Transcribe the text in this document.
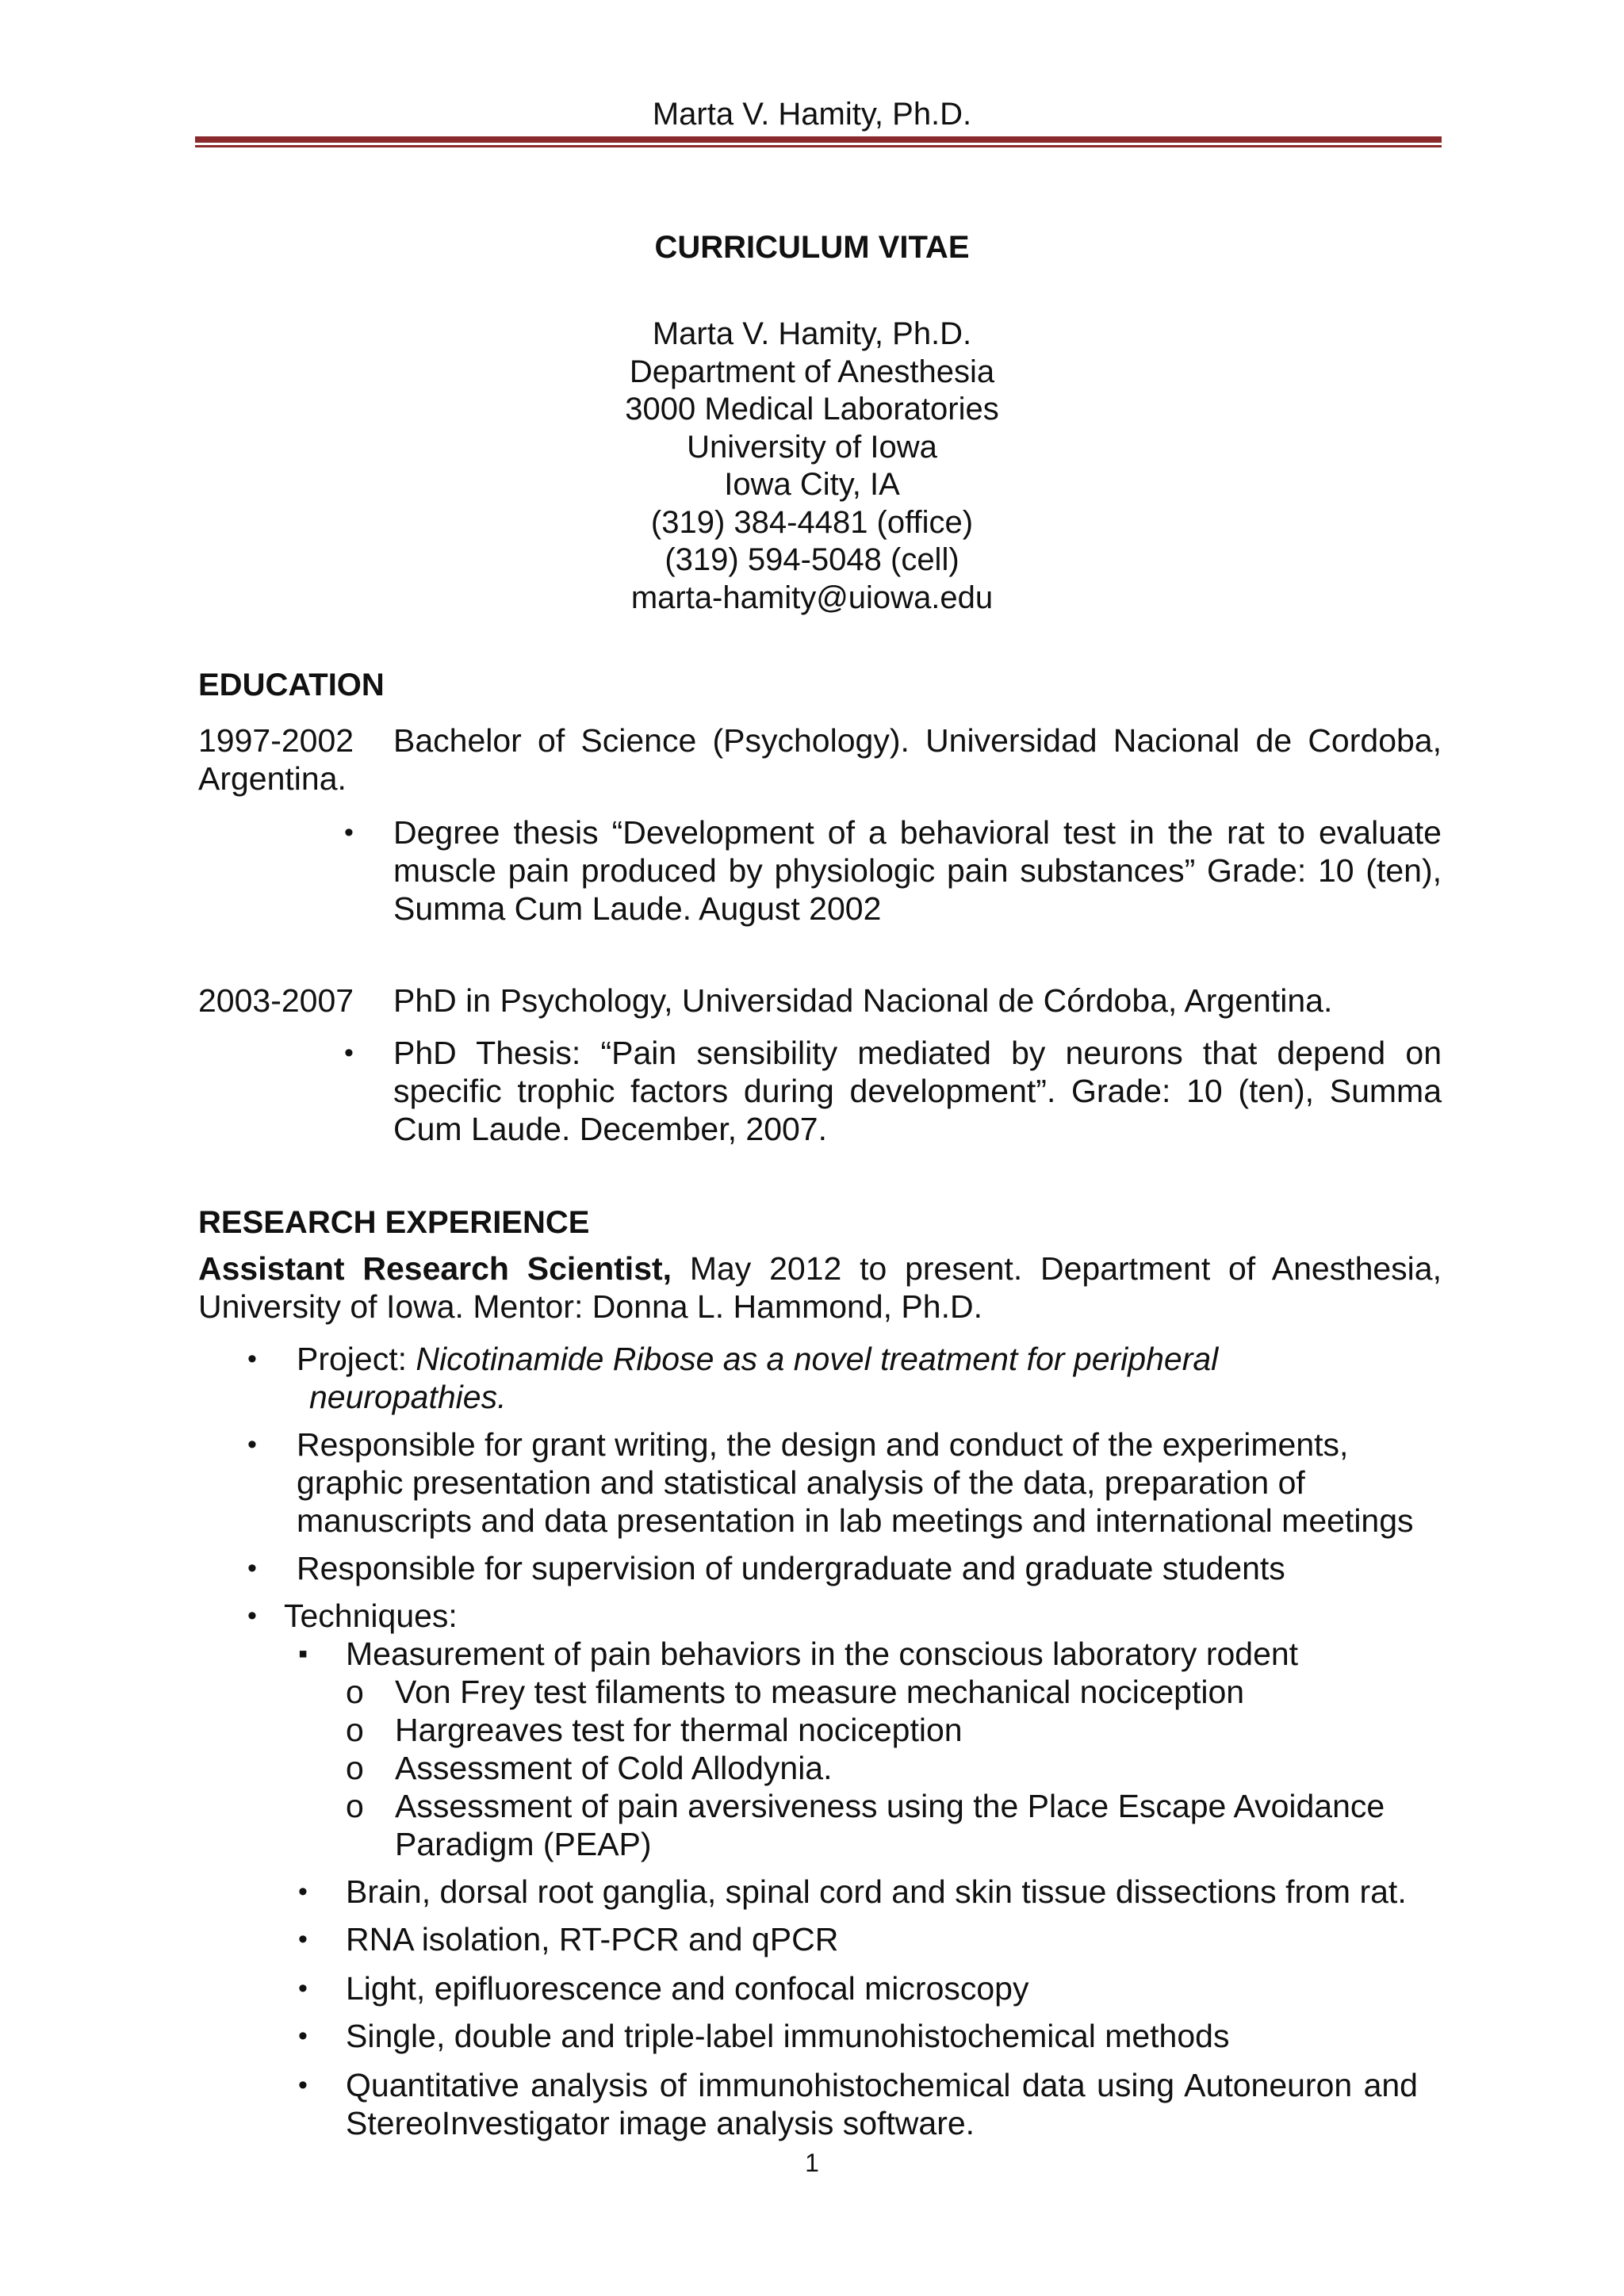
Marta V. Hamity, Ph.D.
CURRICULUM VITAE
Marta V. Hamity, Ph.D.
Department of Anesthesia
3000 Medical Laboratories
University of Iowa
Iowa City, IA
(319) 384-4481 (office)
(319) 594-5048 (cell)
marta-hamity@uiowa.edu
EDUCATION
1997-2002 Bachelor of Science (Psychology). Universidad Nacional de Cordoba,
Argentina.
•
Degree thesis “Development of a behavioral test in the rat to evaluate
muscle pain produced by physiologic pain substances” Grade: 10 (ten),
Summa Cum Laude. August 2002
2003-2007 PhD in Psychology, Universidad Nacional de Córdoba, Argentina.
•
PhD Thesis: “Pain sensibility mediated by neurons that depend on
specific trophic factors during development”. Grade: 10 (ten), Summa
Cum Laude. December, 2007.
RESEARCH EXPERIENCE
Assistant Research Scientist, May 2012 to present. Department of Anesthesia,
University of Iowa. Mentor: Donna L. Hammond, Ph.D.
•
Project: Nicotinamide Ribose as a novel treatment for peripheral
neuropathies.
•
Responsible for grant writing, the design and conduct of the experiments,
graphic presentation and statistical analysis of the data, preparation of
manuscripts and data presentation in lab meetings and international meetings
•
Responsible for supervision of undergraduate and graduate students
•
Techniques:
▪
Measurement of pain behaviors in the conscious laboratory rodent
o Von Frey test filaments to measure mechanical nociception
o Hargreaves test for thermal nociception
o Assessment of Cold Allodynia.
o Assessment of pain aversiveness using the Place Escape Avoidance
Paradigm (PEAP)
•
Brain, dorsal root ganglia, spinal cord and skin tissue dissections from rat.
•
RNA isolation, RT-PCR and qPCR
•
Light, epifluorescence and confocal microscopy
•
Single, double and triple-label immunohistochemical methods
•
Quantitative analysis of immunohistochemical data using Autoneuron and
StereoInvestigator image analysis software.
1
